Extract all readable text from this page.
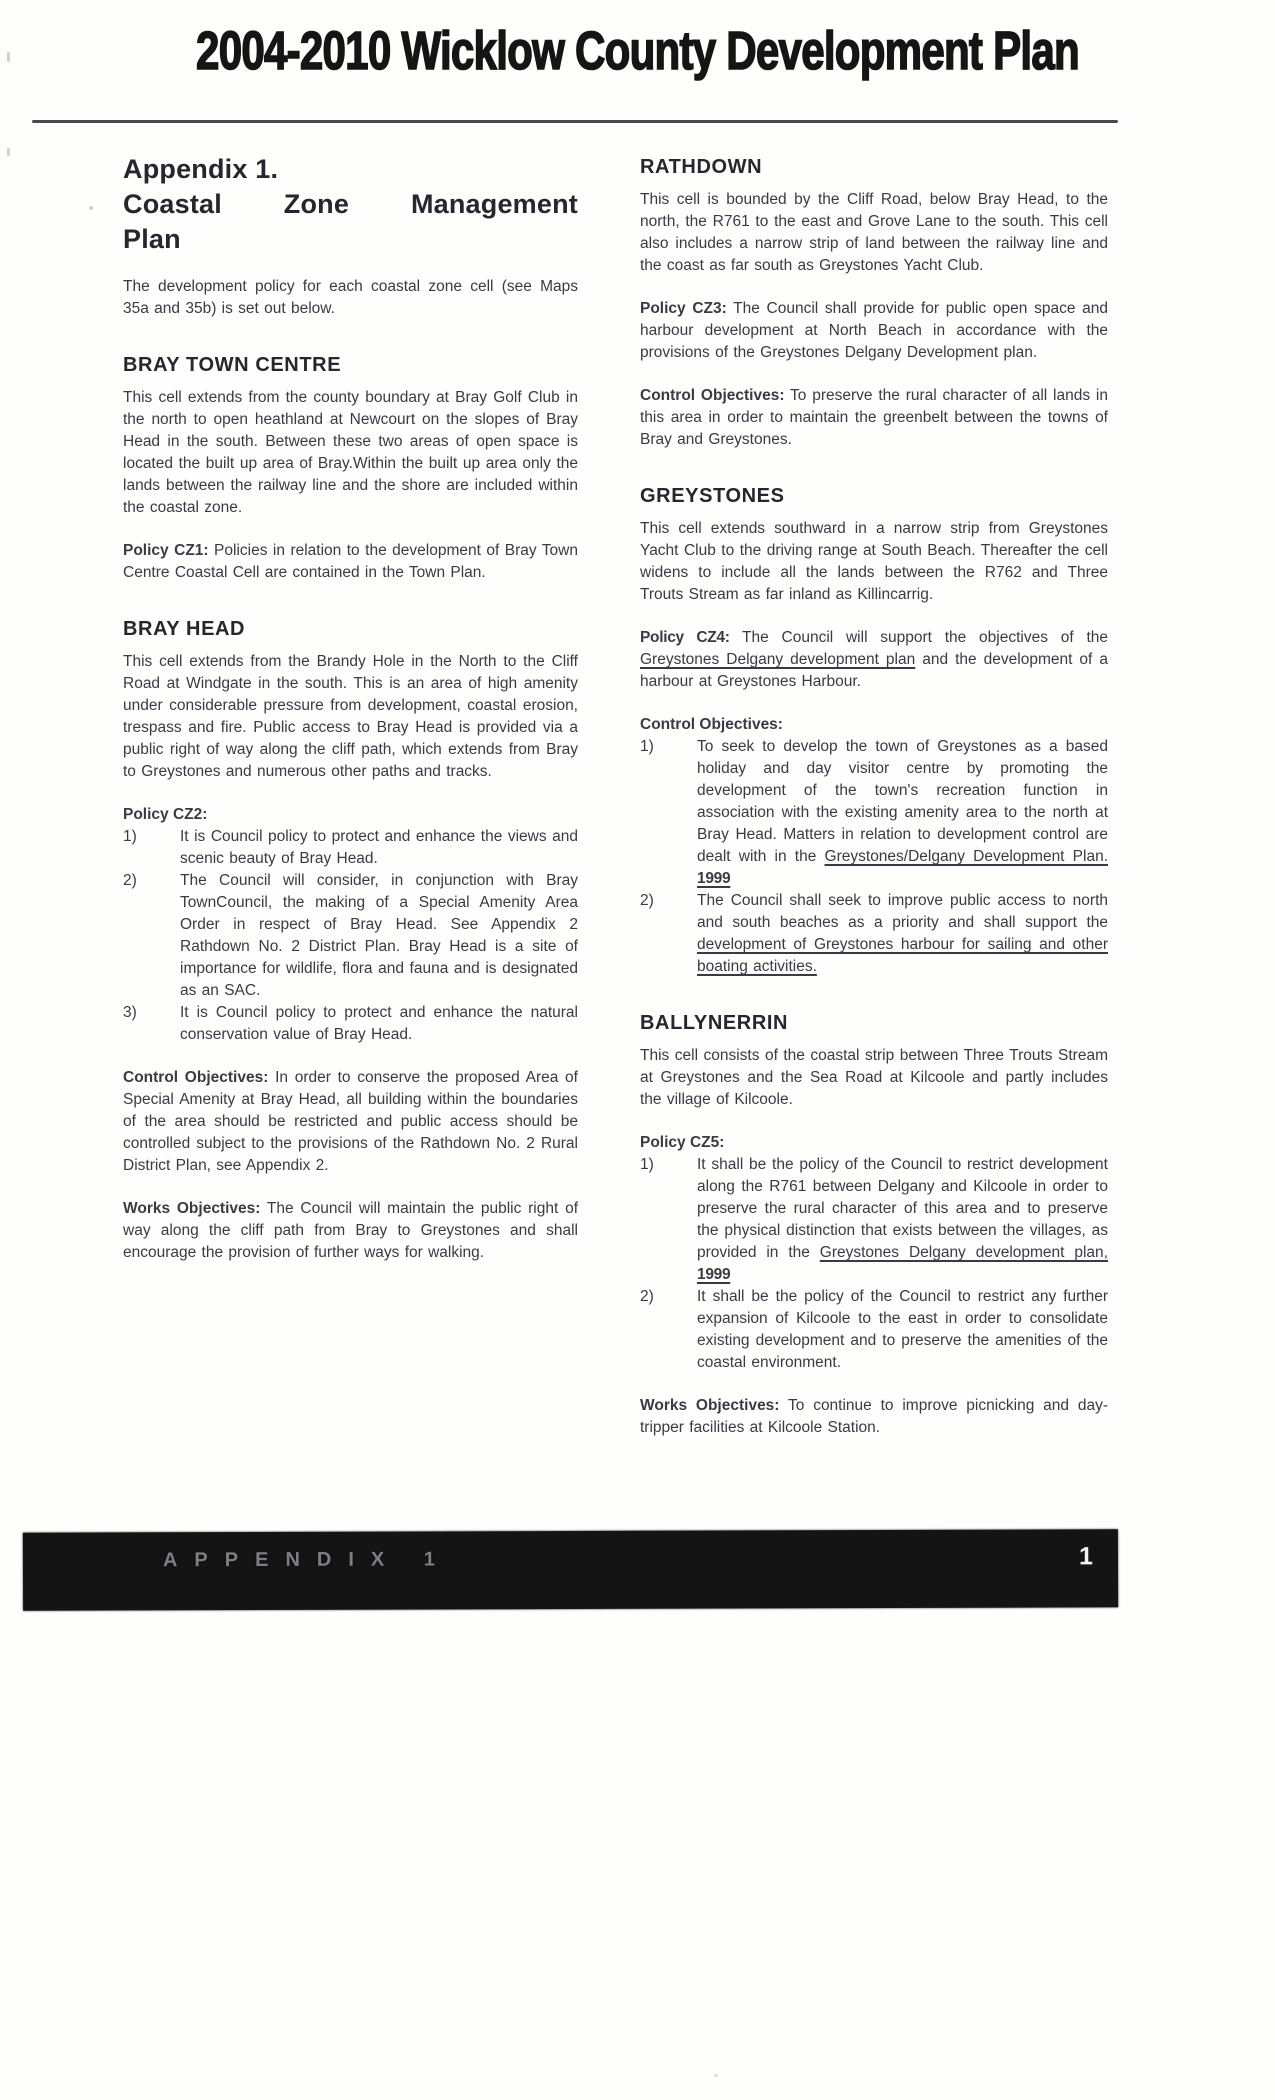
2004-2010 Wicklow County Development Plan
Appendix 1.
Coastal Zone Management
Plan

The development policy for each coastal zone cell (see Maps 35a and 35b) is set out below.

BRAY TOWN CENTRE

This cell extends from the county boundary at Bray Golf Club in the north to open heathland at Newcourt on the slopes of Bray Head in the south. Between these two areas of open space is located the built up area of Bray.Within the built up area only the lands between the railway line and the shore are included within the coastal zone.

Policy CZ1: Policies in relation to the development of Bray Town Centre Coastal Cell are contained in the Town Plan.

BRAY HEAD

This cell extends from the Brandy Hole in the North to the Cliff Road at Windgate in the south. This is an area of high amenity under considerable pressure from development, coastal erosion, trespass and fire. Public access to Bray Head is provided via a public right of way along the cliff path, which extends from Bray to Greystones and numerous other paths and tracks.

Policy CZ2:

1)	It is Council policy to protect and enhance the views and scenic beauty of Bray Head.
2)	The Council will consider, in conjunction with Bray TownCouncil, the making of a Special Amenity Area Order in respect of Bray Head. See Appendix 2 Rathdown No. 2 District Plan. Bray Head is a site of importance for wildlife, flora and fauna and is designated as an SAC.
3)	It is Council policy to protect and enhance the natural conservation value of Bray Head.

Control Objectives: In order to conserve the proposed Area of Special Amenity at Bray Head, all building within the boundaries of the area should be restricted and public access should be controlled subject to the provisions of the Rathdown No. 2 Rural District Plan, see Appendix 2.

Works Objectives: The Council will maintain the public right of way along the cliff path from Bray to Greystones and shall encourage the provision of further ways for walking.

RATHDOWN

This cell is bounded by the Cliff Road, below Bray Head, to the north, the R761 to the east and Grove Lane to the south. This cell also includes a narrow strip of land between the railway line and the coast as far south as Greystones Yacht Club.

Policy CZ3: The Council shall provide for public open space and harbour development at North Beach in accordance with the provisions of the Greystones Delgany Development plan.

Control Objectives: To preserve the rural character of all lands in this area in order to maintain the greenbelt between the towns of Bray and Greystones.

GREYSTONES

This cell extends southward in a narrow strip from Greystones Yacht Club to the driving range at South Beach. Thereafter the cell widens to include all the lands between the R762 and Three Trouts Stream as far inland as Killincarrig.

Policy CZ4: The Council will support the objectives of the Greystones Delgany development plan and the development of a harbour at Greystones Harbour.

Control Objectives:

1)	To seek to develop the town of Greystones as a based holiday and day visitor centre by promoting the development of the town's recreation function in association with the existing amenity area to the north at Bray Head. Matters in relation to development control are dealt with in the Greystones/Delgany Development Plan. 1999
2)	The Council shall seek to improve public access to north and south beaches as a priority and shall support the development of Greystones harbour for sailing and other boating activities.
BALLYNERRIN

This cell consists of the coastal strip between Three Trouts Stream at Greystones and the Sea Road at Kilcoole and partly includes the village of Kilcoole.

Policy CZ5:

1)	It shall be the policy of the Council to restrict development along the R761 between Delgany and Kilcoole in order to preserve the rural character of this area and to preserve the physical distinction that exists between the villages, as provided in the Greystones Delgany development plan, 1999
2)	It shall be the policy of the Council to restrict any further expansion of Kilcoole to the east in order to consolidate existing development and to preserve the amenities of the coastal environment.

Works Objectives: To continue to improve picnicking and day-tripper facilities at Kilcoole Station.

APPENDIX 1	1
